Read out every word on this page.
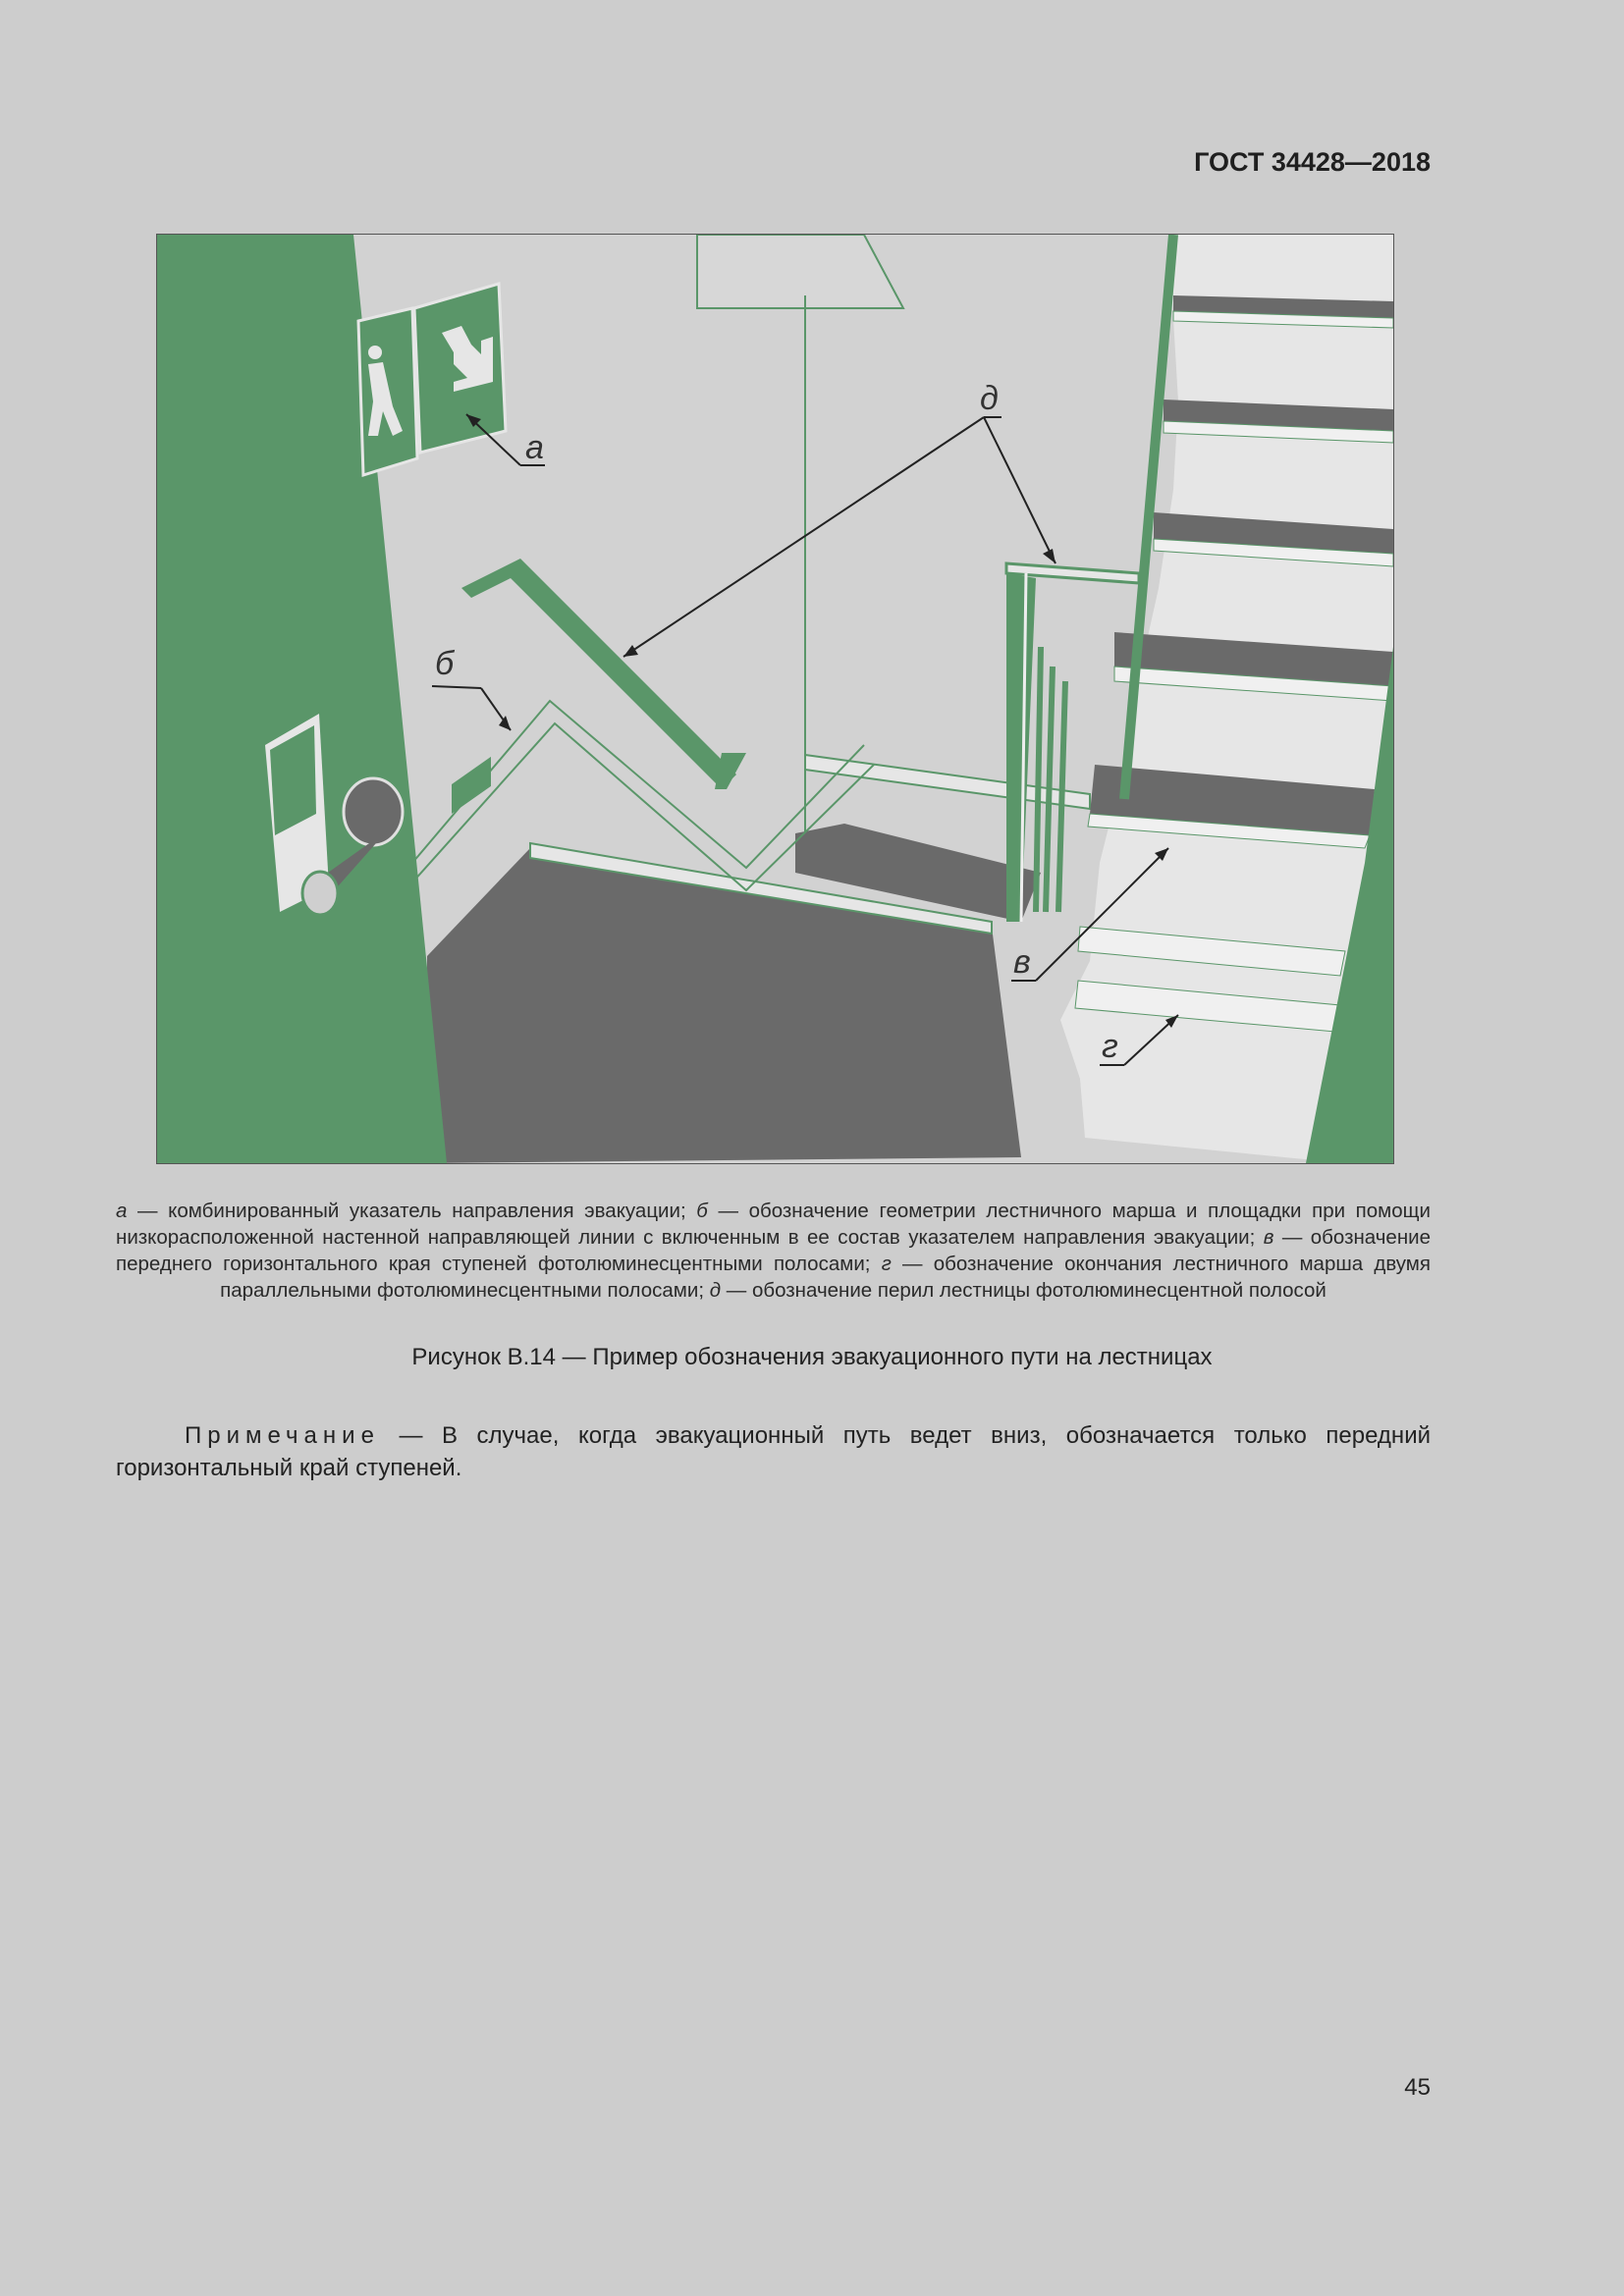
ГОСТ 34428—2018
а
б
д
в
г
а — комбинированный указатель направления эвакуации; б — обозначение геометрии лестничного марша и площадки при помощи низкорасположенной настенной направляющей линии с включенным в ее состав указателем направления эвакуации; в — обозначение переднего горизонтального края ступеней фотолюминесцентными полосами; г — обозначение окончания лестничного марша двумя параллельными фотолюминесцентными полосами; д — обозначение перил лестницы фотолюминесцентной полосой
Рисунок В.14 — Пример обозначения эвакуационного пути на лестницах
Примечание — В случае, когда эвакуационный путь ведет вниз, обозначается только передний горизонтальный край ступеней.
45
